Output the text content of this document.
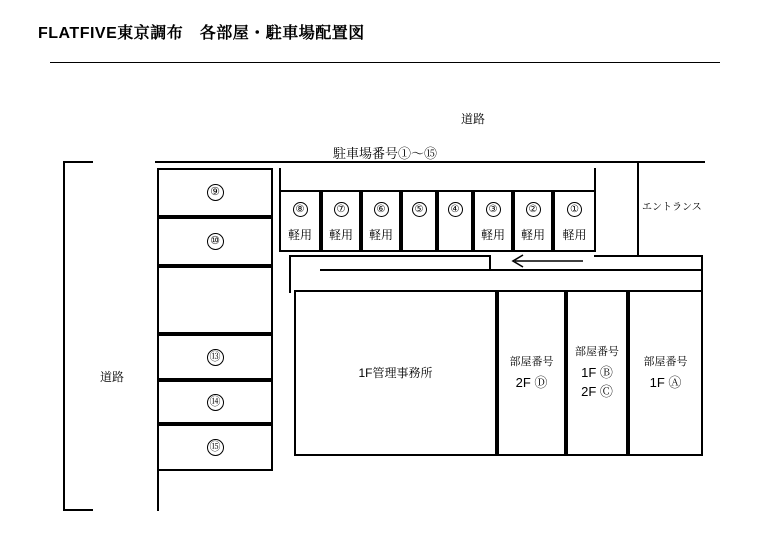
FLATFIVE東京調布　各部屋・駐車場配置図
道路
駐車場番号①〜⑮
道路
エントランス
⑨
⑩
⑬
⑭
⑮
⑧
軽用
⑦
軽用
⑥
軽用
⑤	④	③
軽用
②
軽用
①
軽用
1F管理事務所
部屋番号
2F Ⓓ
部屋番号
1F Ⓑ
2F Ⓒ
部屋番号
1F Ⓐ
